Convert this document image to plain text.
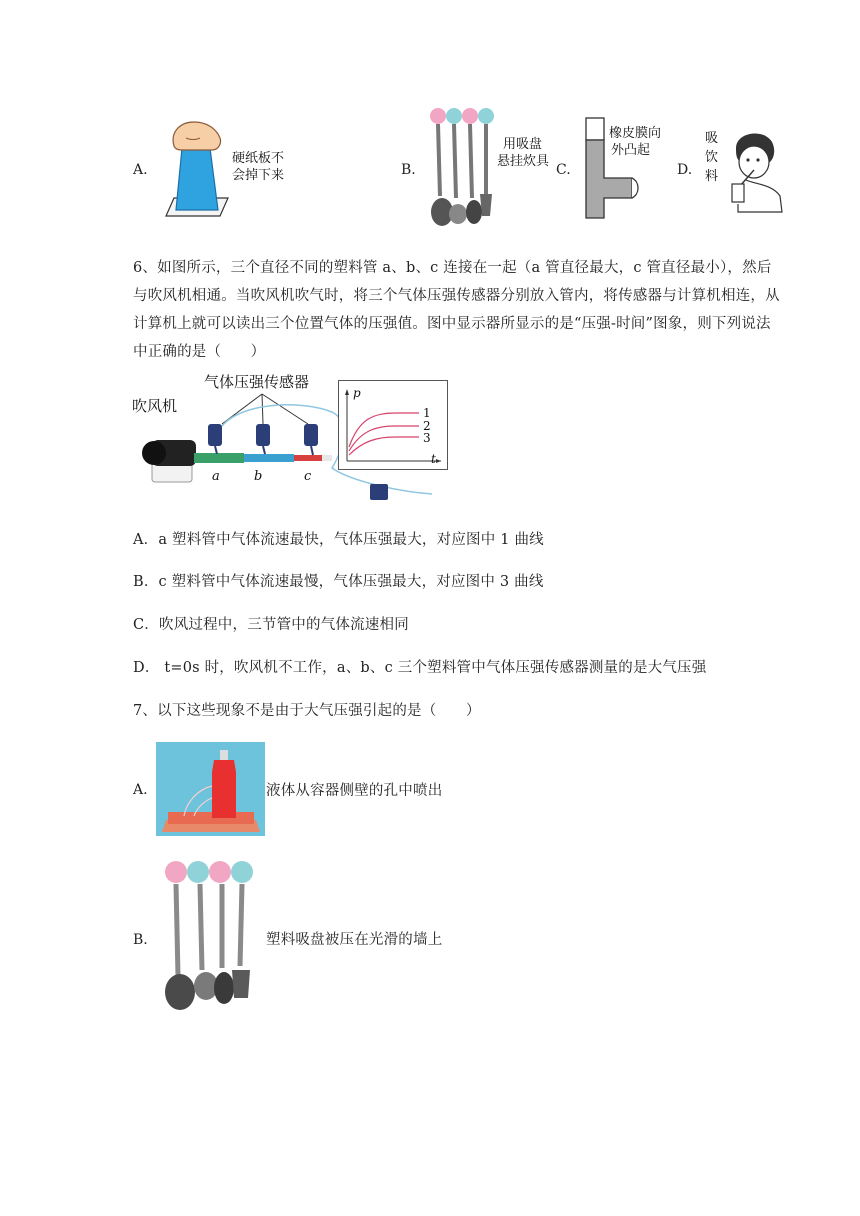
A.
硬纸板不
会掉下来	B.
用吸盘
悬挂炊具
C.
橡皮膜向
外凸起
D.
吸
饮
料
6、如图所示，三个直径不同的塑料管 a、b、c 连接在一起（a 管直径最大，c 管直径最小），然后
与吹风机相通。当吹风机吹气时，将三个气体压强传感器分别放入管内，将传感器与计算机相连，从
计算机上就可以读出三个位置气体的压强值。图中显示器所显示的是“压强-时间”图象，则下列说法
中正确的是（　　）
吹风机
气体压强传感器
a	b	c
p
t
1
2
3
A．a 塑料管中气体流速最快，气体压强最大，对应图中 1 曲线
B．c 塑料管中气体流速最慢，气体压强最大，对应图中 3 曲线
C．吹风过程中，三节管中的气体流速相同
D． t=0s 时，吹风机不工作，a、b、c 三个塑料管中气体压强传感器测量的是大气压强
7、以下这些现象不是由于大气压强引起的是（　　）
A.	液体从容器侧壁的孔中喷出
B.	塑料吸盘被压在光滑的墙上
